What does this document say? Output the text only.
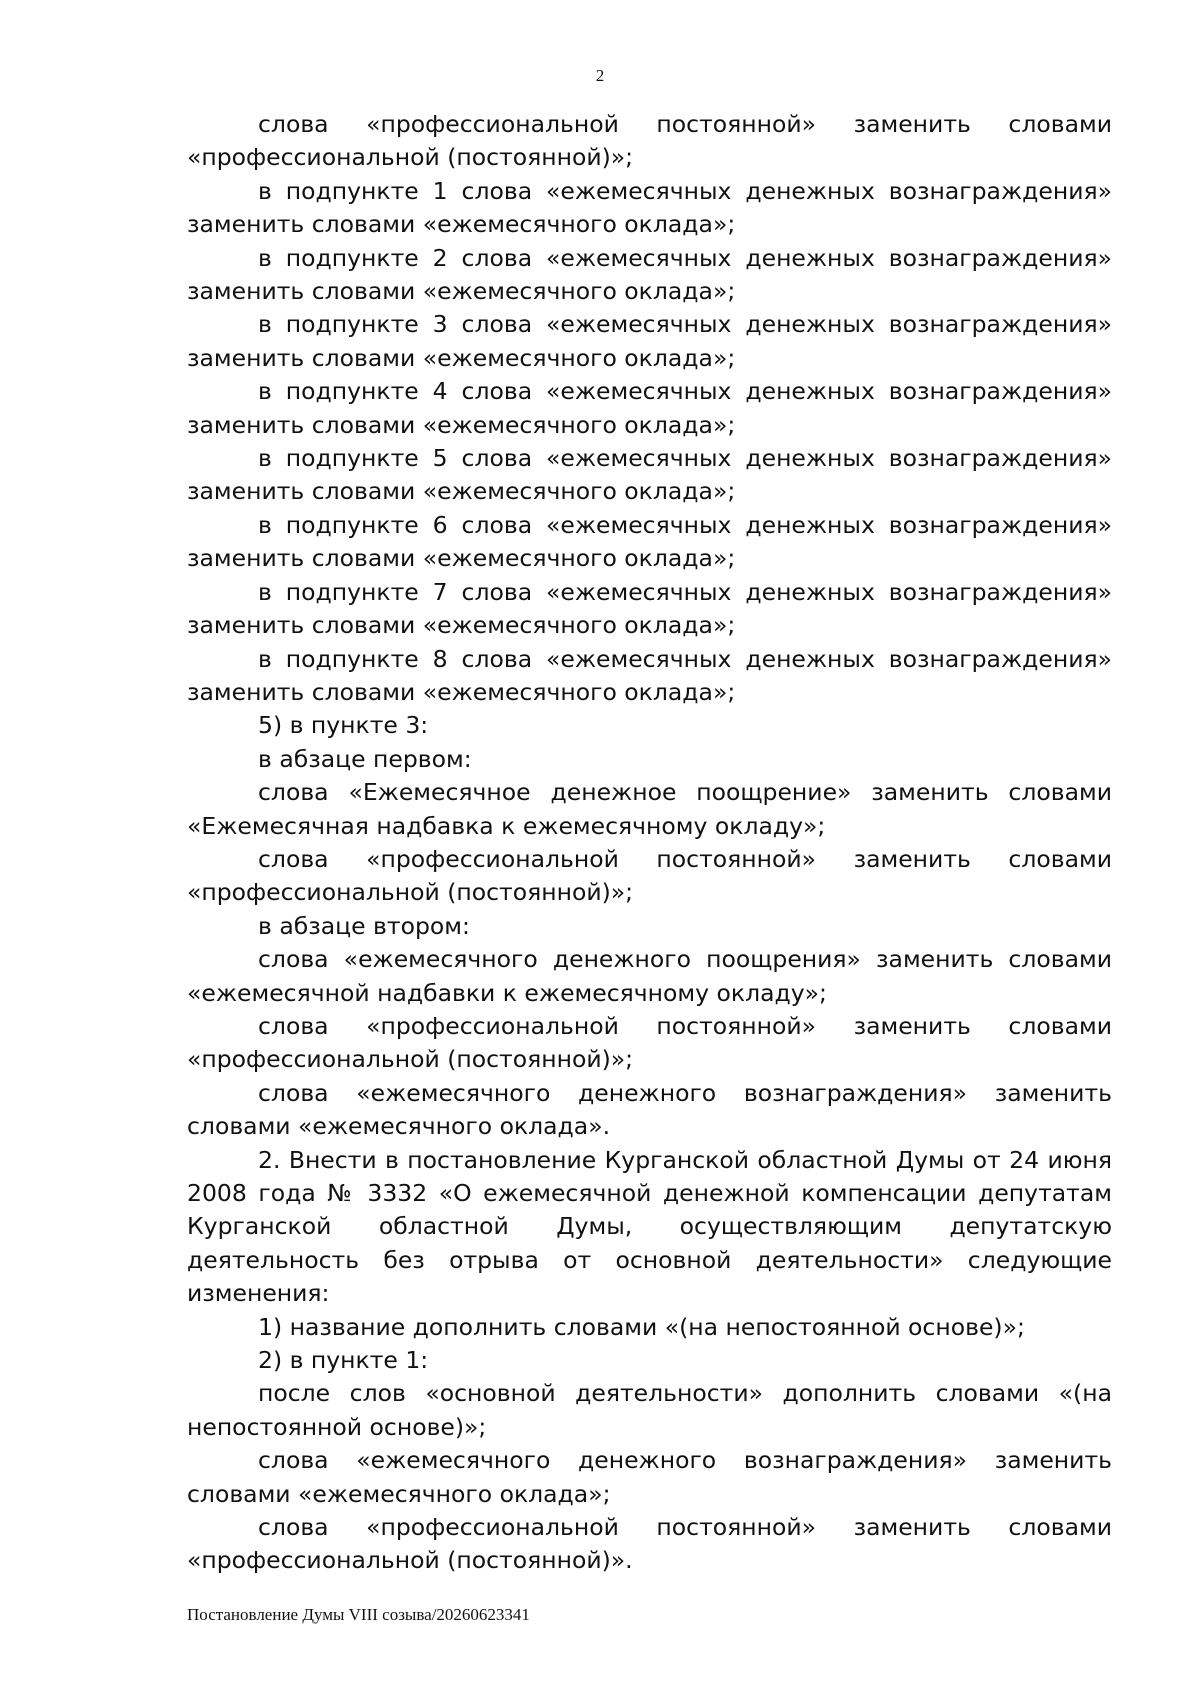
2

слова «профессиональной постоянной» заменить словами «профессиональной (постоянной)»;

в подпункте 1 слова «ежемесячных денежных вознаграждения» заменить словами «ежемесячного оклада»;

в подпункте 2 слова «ежемесячных денежных вознаграждения» заменить словами «ежемесячного оклада»;

в подпункте 3 слова «ежемесячных денежных вознаграждения» заменить словами «ежемесячного оклада»;

в подпункте 4 слова «ежемесячных денежных вознаграждения» заменить словами «ежемесячного оклада»;

в подпункте 5 слова «ежемесячных денежных вознаграждения» заменить словами «ежемесячного оклада»;

в подпункте 6 слова «ежемесячных денежных вознаграждения» заменить словами «ежемесячного оклада»;

в подпункте 7 слова «ежемесячных денежных вознаграждения» заменить словами «ежемесячного оклада»;

в подпункте 8 слова «ежемесячных денежных вознаграждения» заменить словами «ежемесячного оклада»;

5) в пункте 3:

в абзаце первом:

слова «Ежемесячное денежное поощрение» заменить словами «Ежемесячная надбавка к ежемесячному окладу»;

слова «профессиональной постоянной» заменить словами «профессиональной (постоянной)»;

в абзаце втором:

слова «ежемесячного денежного поощрения» заменить словами «ежемесячной надбавки к ежемесячному окладу»;

слова «профессиональной постоянной» заменить словами «профессиональной (постоянной)»;

слова «ежемесячного денежного вознаграждения» заменить словами «ежемесячного оклада».

2. Внести в постановление Курганской областной Думы от 24 июня 2008 года № 3332 «О ежемесячной денежной компенсации депутатам Курганской областной Думы, осуществляющим депутатскую деятельность без отрыва от основной деятельности» следующие изменения:

1) название дополнить словами «(на непостоянной основе)»;

2) в пункте 1:

после слов «основной деятельности» дополнить словами «(на непостоянной основе)»;

слова «ежемесячного денежного вознаграждения» заменить словами «ежемесячного оклада»;

слова «профессиональной постоянной» заменить словами «профессиональной (постоянной)».

Постановление Думы VIII созыва/20260623341
